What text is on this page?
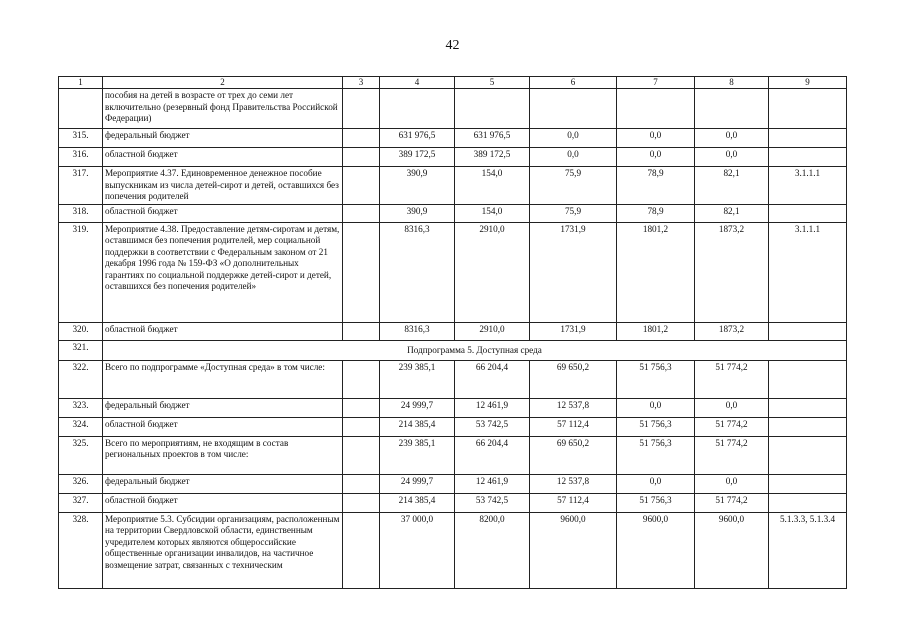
42
1	2	3	4	5	6	7	8	9
	пособия на детей в возрасте от трех до семи лет включительно (резервный фонд Правительства Российской Федерации)							
315.	федеральный бюджет		631 976,5	631 976,5	0,0	0,0	0,0	
316.	областной бюджет		389 172,5	389 172,5	0,0	0,0	0,0	
317.	Мероприятие 4.37. Единовременное денежное пособие выпускникам из числа детей-сирот и детей, оставшихся без попечения родителей		390,9	154,0	75,9	78,9	82,1	3.1.1.1
318.	областной бюджет		390,9	154,0	75,9	78,9	82,1	
319.	Мероприятие 4.38. Предоставление детям-сиротам и детям, оставшимся без попечения родителей, мер социальной поддержки в соответствии с Федеральным законом от 21 декабря 1996 года № 159-ФЗ «О дополнительных гарантиях по социальной поддержке детей-сирот и детей, оставшихся без попечения родителей»		8316,3	2910,0	1731,9	1801,2	1873,2	3.1.1.1
320.	областной бюджет		8316,3	2910,0	1731,9	1801,2	1873,2	
321.	Подпрограмма 5. Доступная среда							
322.	Всего по подпрограмме «Доступная среда» в том числе:		239 385,1	66 204,4	69 650,2	51 756,3	51 774,2	
323.	федеральный бюджет		24 999,7	12 461,9	12 537,8	0,0	0,0	
324.	областной бюджет		214 385,4	53 742,5	57 112,4	51 756,3	51 774,2	
325.	Всего по мероприятиям, не входящим в состав региональных проектов в том числе:		239 385,1	66 204,4	69 650,2	51 756,3	51 774,2	
326.	федеральный бюджет		24 999,7	12 461,9	12 537,8	0,0	0,0	
327.	областной бюджет		214 385,4	53 742,5	57 112,4	51 756,3	51 774,2	
328.	Мероприятие 5.3. Субсидии организациям, расположенным на территории Свердловской области, единственным учредителем которых являются общероссийские общественные организации инвалидов, на частичное возмещение затрат, связанных с техническим		37 000,0	8200,0	9600,0	9600,0	9600,0	5.1.3.3, 5.1.3.4
